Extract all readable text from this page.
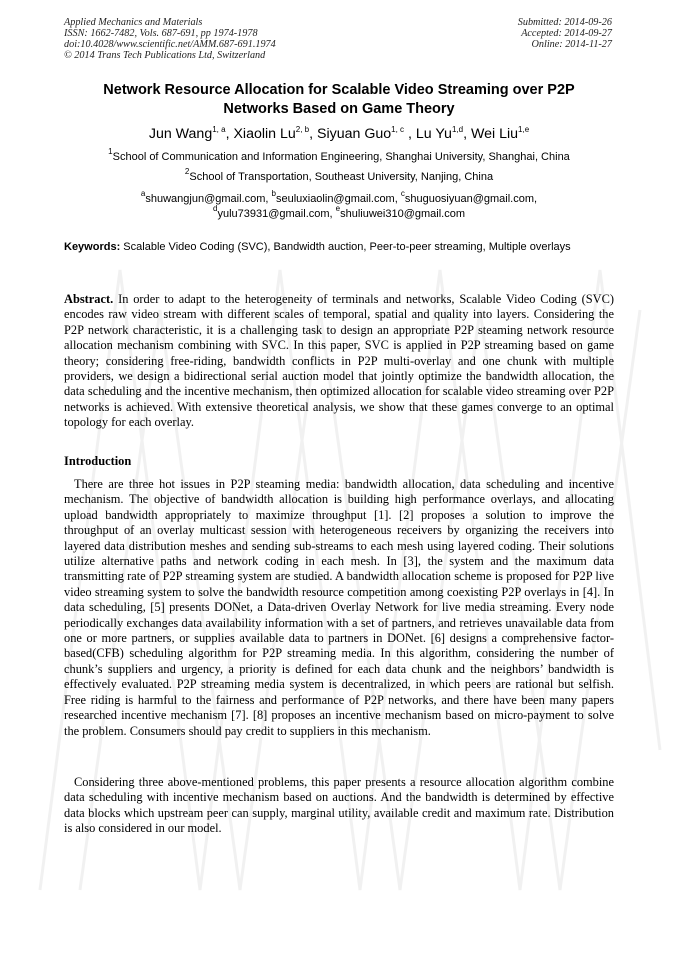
Applied Mechanics and Materials
ISSN: 1662-7482, Vols. 687-691, pp 1974-1978
doi:10.4028/www.scientific.net/AMM.687-691.1974
© 2014 Trans Tech Publications Ltd, Switzerland
Submitted: 2014-09-26
Accepted: 2014-09-27
Online: 2014-11-27
Network Resource Allocation for Scalable Video Streaming over P2P
Networks Based on Game Theory
Jun Wang$^{1, a}$, Xiaolin Lu$^{2, b}$, Siyuan Guo$^{1, c}$ , Lu Yu$^{1,d}$, Wei Liu$^{1,e}$
$^1$School of Communication and Information Engineering, Shanghai University, Shanghai, China
$^2$School of Transportation, Southeast University, Nanjing, China
$^a$shuwangjun@gmail.com, $^b$seuluxiaolin@gmail.com, $^c$shuguosiyuan@gmail.com,
$^d$yulu73931@gmail.com, $^e$shuliuwei310@gmail.com
Keywords: Scalable Video Coding (SVC), Bandwidth auction, Peer-to-peer streaming, Multiple overlays
Abstract. In order to adapt to the heterogeneity of terminals and networks, Scalable Video Coding (SVC) encodes raw video stream with different scales of temporal, spatial and quality into layers. Considering the P2P network characteristic, it is a challenging task to design an appropriate P2P steaming network resource allocation mechanism combining with SVC. In this paper, SVC is applied in P2P streaming based on game theory; considering free-riding, bandwidth conflicts in P2P multi-overlay and one chunk with multiple providers, we design a bidirectional serial auction model that jointly optimize the bandwidth allocation, the data scheduling and the incentive mechanism, then optimized allocation for scalable video streaming over P2P networks is achieved. With extensive theoretical analysis, we show that these games converge to an optimal topology for each overlay.
Introduction
There are three hot issues in P2P steaming media: bandwidth allocation, data scheduling and incentive mechanism. The objective of bandwidth allocation is building high performance overlays, and allocating upload bandwidth appropriately to maximize throughput [1]. [2] proposes a solution to improve the throughput of an overlay multicast session with heterogeneous receivers by organizing the receivers into layered data distribution meshes and sending sub-streams to each mesh using layered coding. Their solutions utilize alternative paths and network coding in each mesh. In [3], the system and the maximum data transmitting rate of P2P streaming system are studied. A bandwidth allocation scheme is proposed for P2P live video streaming system to solve the bandwidth resource competition among coexisting P2P overlays in [4]. In data scheduling, [5] presents DONet, a Data-driven Overlay Network for live media streaming. Every node periodically exchanges data availability information with a set of partners, and retrieves unavailable data from one or more partners, or supplies available data to partners in DONet. [6] designs a comprehensive factor-based(CFB) scheduling algorithm for P2P streaming media. In this algorithm, considering the number of chunk’s suppliers and urgency, a priority is defined for each data chunk and the neighbors’ bandwidth is effectively evaluated. P2P streaming media system is decentralized, in which peers are rational but selfish. Free riding is harmful to the fairness and performance of P2P networks, and there have been many papers researched incentive mechanism [7]. [8] proposes an incentive mechanism based on micro-payment to solve the problem. Consumers should pay credit to suppliers in this mechanism.
Considering three above-mentioned problems, this paper presents a resource allocation algorithm combine data scheduling with incentive mechanism based on auctions. And the bandwidth is determined by effective data blocks which upstream peer can supply, marginal utility, available credit and maximum rate. Distribution is also considered in our model.
